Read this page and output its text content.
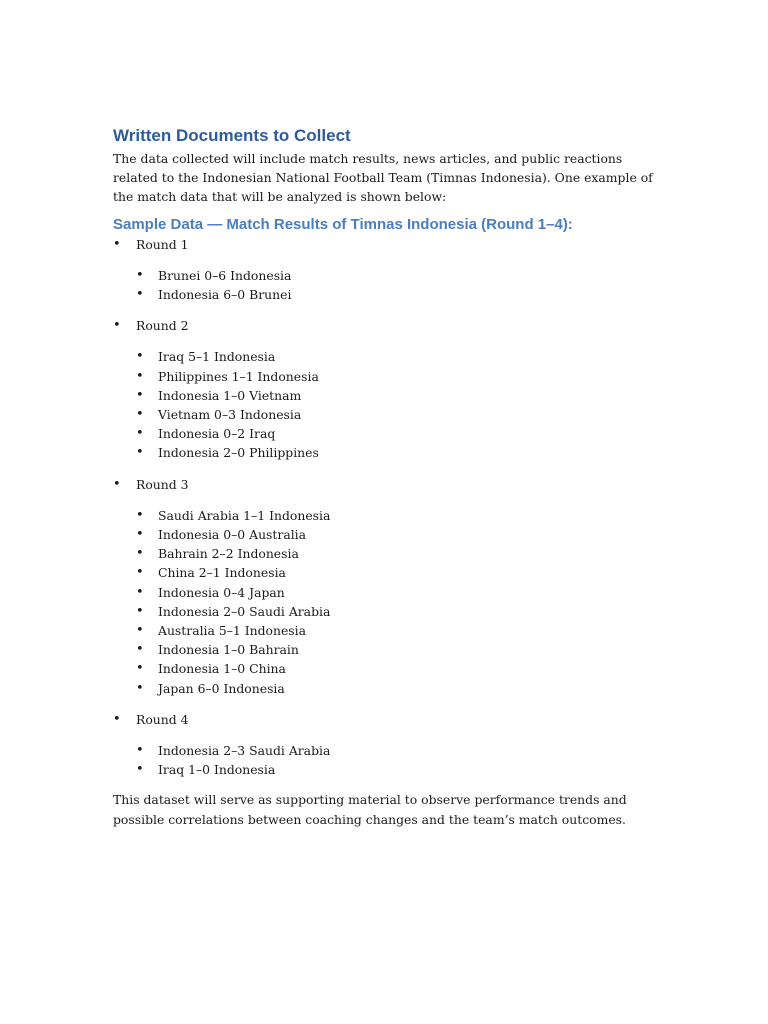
Written Documents to Collect

The data collected will include match results, news articles, and public reactions related to the Indonesian National Football Team (Timnas Indonesia). One example of the match data that will be analyzed is shown below:

Sample Data — Match Results of Timnas Indonesia (Round 1–4):
• Round 1
• Brunei 0–6 Indonesia
• Indonesia 6–0 Brunei
• Round 2
• Iraq 5–1 Indonesia
• Philippines 1–1 Indonesia
• Indonesia 1–0 Vietnam
• Vietnam 0–3 Indonesia
• Indonesia 0–2 Iraq
• Indonesia 2–0 Philippines
• Round 3
• Saudi Arabia 1–1 Indonesia
• Indonesia 0–0 Australia
• Bahrain 2–2 Indonesia
• China 2–1 Indonesia
• Indonesia 0–4 Japan
• Indonesia 2–0 Saudi Arabia
• Australia 5–1 Indonesia
• Indonesia 1–0 Bahrain
• Indonesia 1–0 China
• Japan 6–0 Indonesia
• Round 4
• Indonesia 2–3 Saudi Arabia
• Iraq 1–0 Indonesia

This dataset will serve as supporting material to observe performance trends and possible correlations between coaching changes and the team’s match outcomes.
